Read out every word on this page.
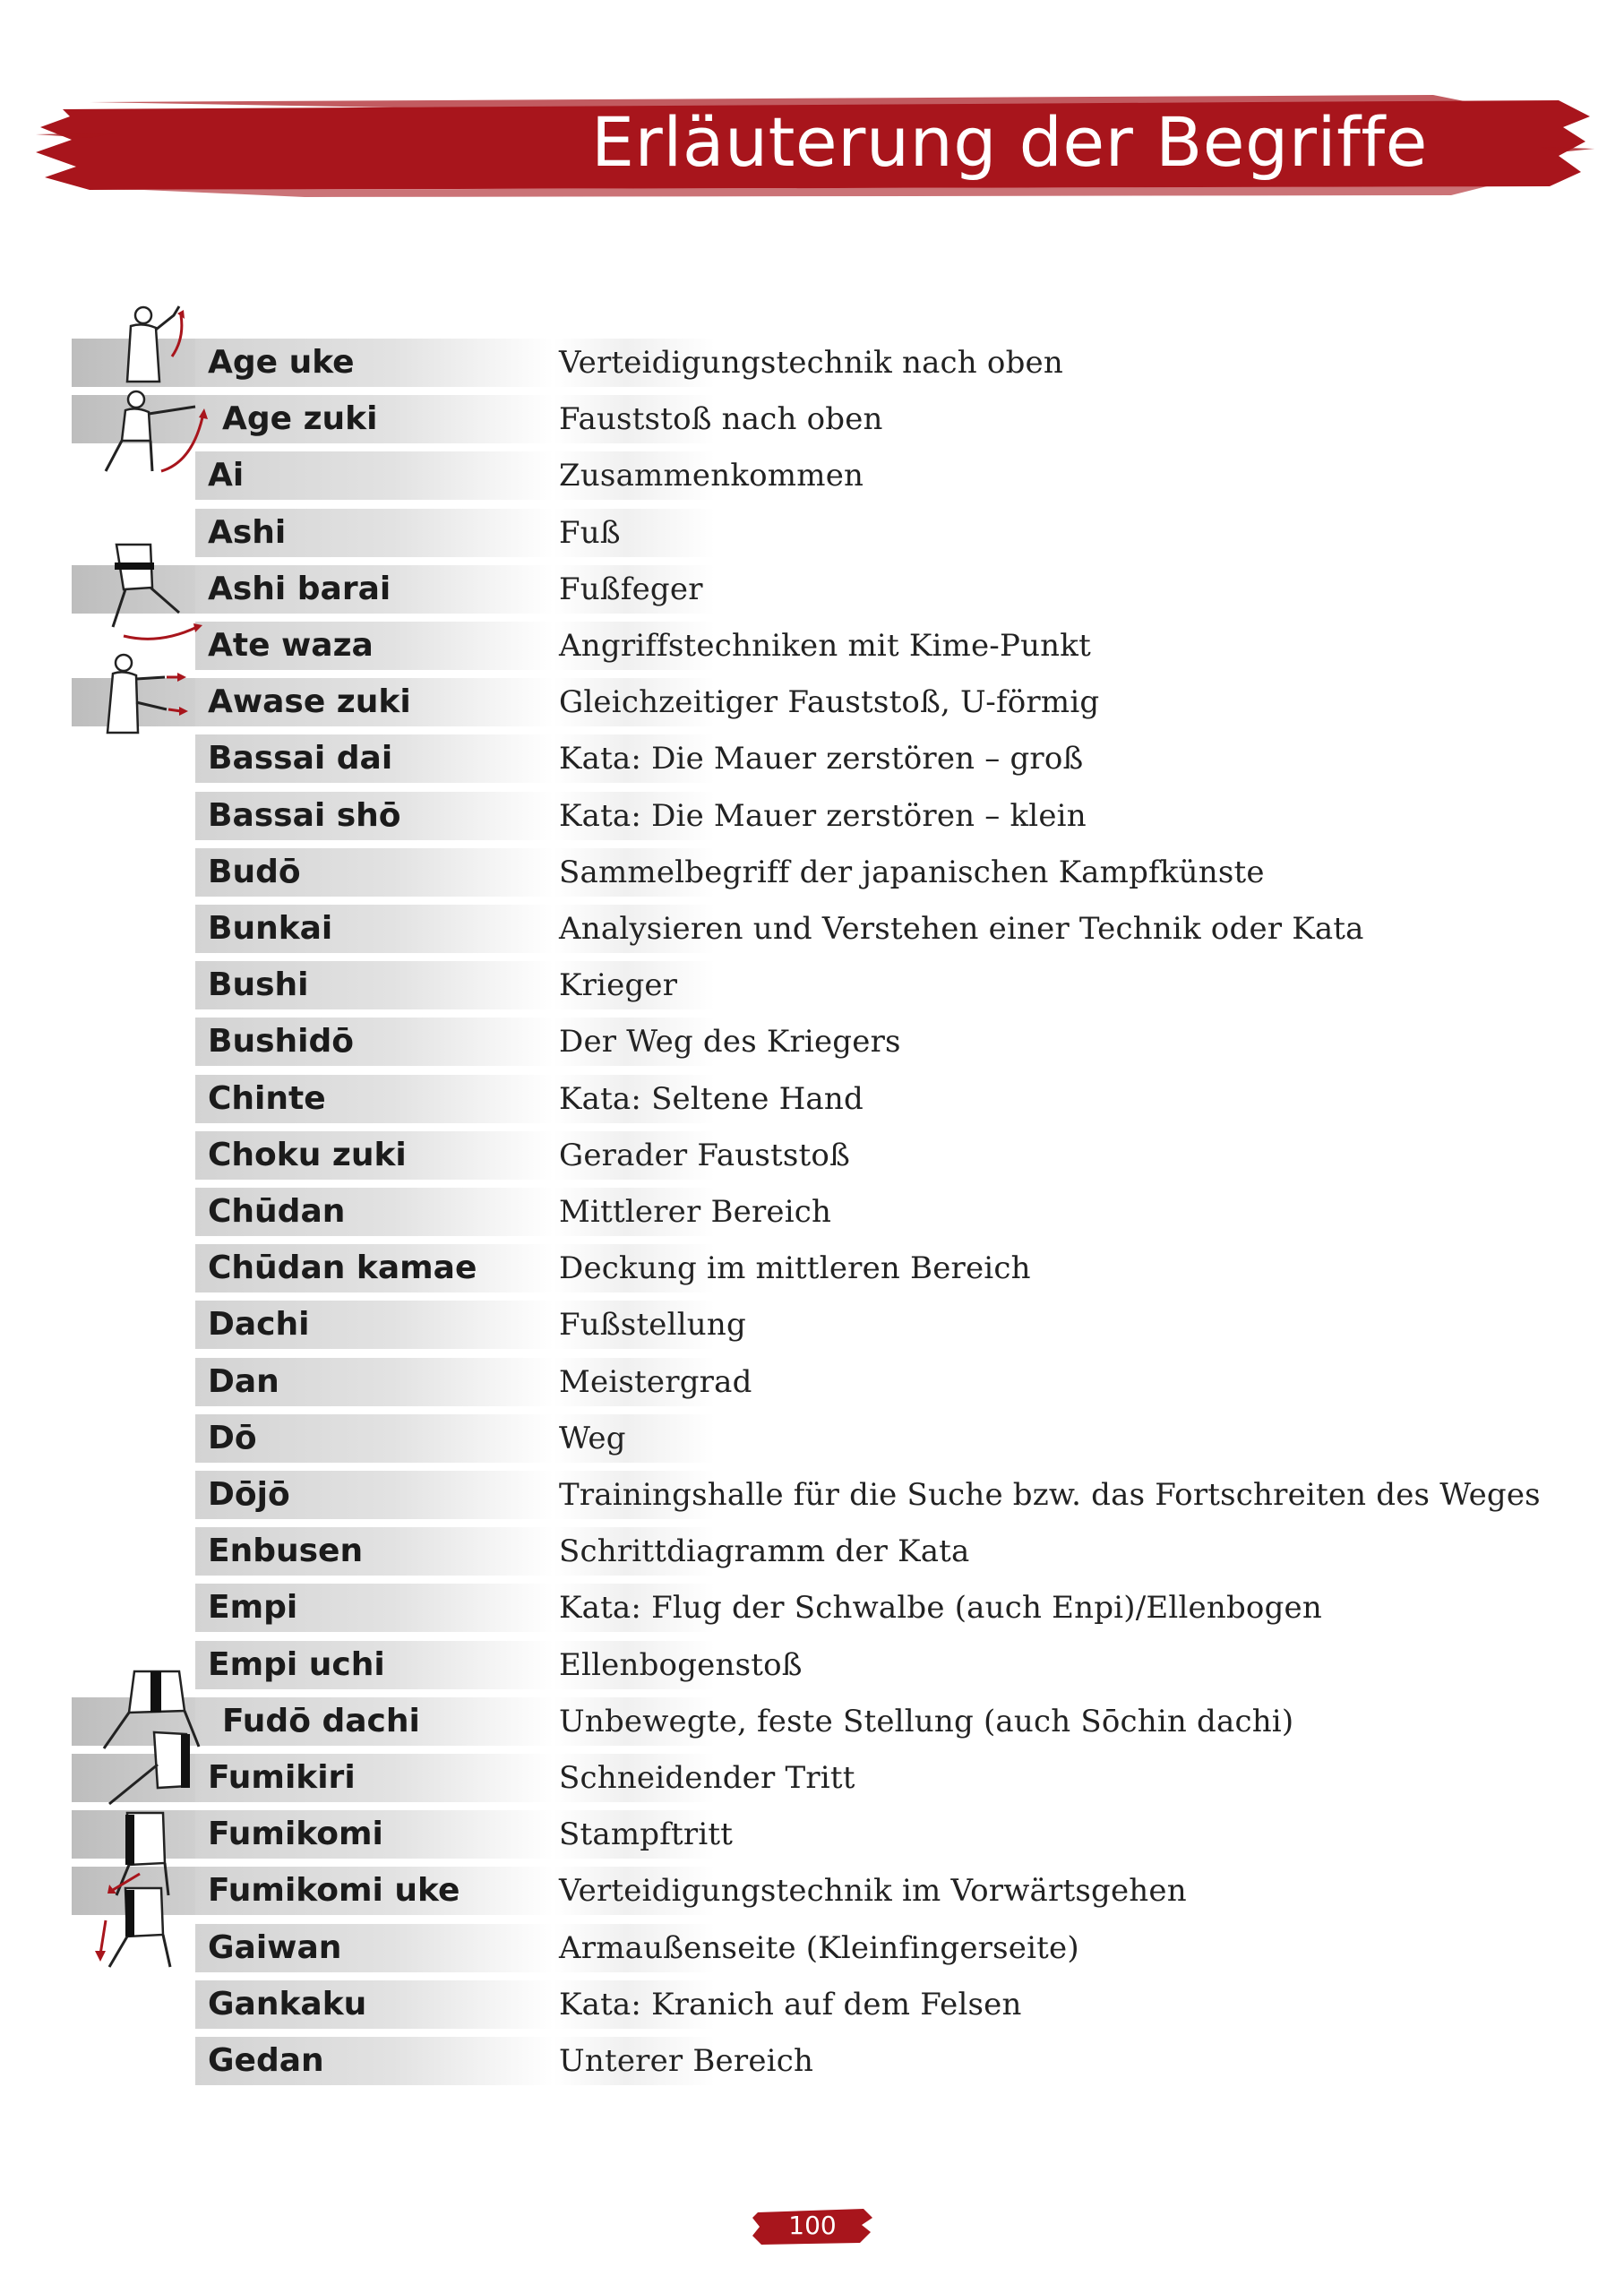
Erläuterung der Begriffe
Age uke	Verteidigungstechnik nach oben
Age zuki	Fauststoß nach oben
Ai	Zusammenkommen
Ashi	Fuß
Ashi barai	Fußfeger
Ate waza	Angriffstechniken mit Kime-Punkt
Awase zuki	Gleichzeitiger Fauststoß, U-förmig
Bassai dai	Kata: Die Mauer zerstören – groß
Bassai shō	Kata: Die Mauer zerstören – klein
Budō	Sammelbegriff der japanischen Kampfkünste
Bunkai	Analysieren und Verstehen einer Technik oder Kata
Bushi	Krieger
Bushidō	Der Weg des Kriegers
Chinte	Kata: Seltene Hand
Choku zuki	Gerader Fauststoß
Chūdan	Mittlerer Bereich
Chūdan kamae	Deckung im mittleren Bereich
Dachi	Fußstellung
Dan	Meistergrad
Dō	Weg
Dōjō	Trainingshalle für die Suche bzw. das Fortschreiten des Weges
Enbusen	Schrittdiagramm der Kata
Empi	Kata: Flug der Schwalbe (auch Enpi)/Ellenbogen
Empi uchi	Ellenbogenstoß
Fudō dachi	Unbewegte, feste Stellung (auch Sōchin dachi)
Fumikiri	Schneidender Tritt
Fumikomi	Stampftritt
Fumikomi uke	Verteidigungstechnik im Vorwärtsgehen
Gaiwan	Armaußenseite (Kleinfingerseite)
Gankaku	Kata: Kranich auf dem Felsen
Gedan	Unterer Bereich
100
